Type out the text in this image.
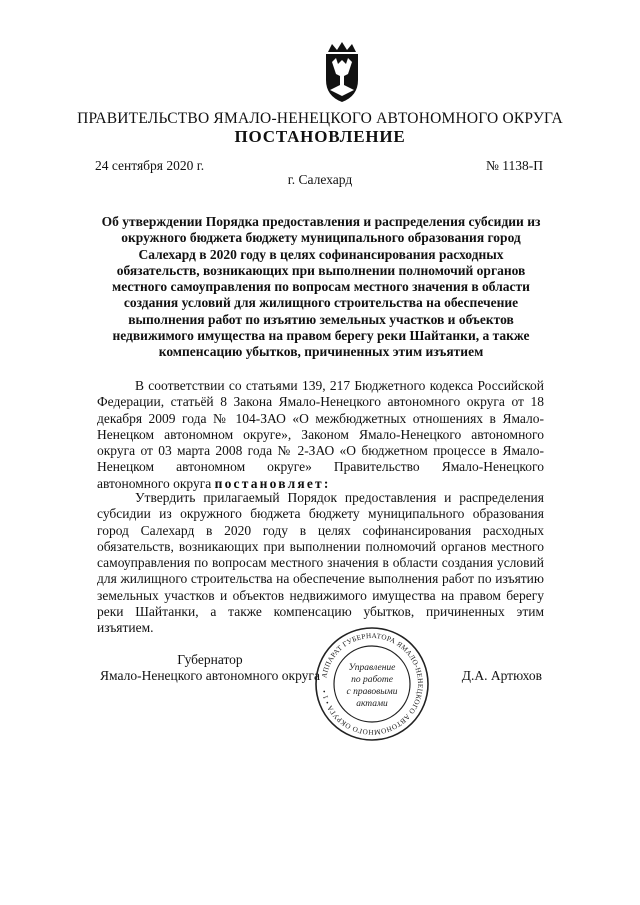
ПРАВИТЕЛЬСТВО ЯМАЛО-НЕНЕЦКОГО АВТОНОМНОГО ОКРУГА
ПОСТАНОВЛЕНИЕ
24 сентября 2020 г.	№ 1138-П
г. Салехард
Об утверждении Порядка предоставления и распределения субсидии из окружного бюджета бюджету муниципального образования город Салехард в 2020 году в целях софинансирования расходных обязательств, возникающих при выполнении полномочий органов местного самоуправления по вопросам местного значения в области создания условий для жилищного строительства на обеспечение выполнения работ по изъятию земельных участков и объектов недвижимого имущества на правом берегу реки Шайтанки, а также компенсацию убытков, причиненных этим изъятием
В соответствии со статьями 139, 217 Бюджетного кодекса Российской Федерации, статьёй 8 Закона Ямало-Ненецкого автономного округа от 18 декабря 2009 года № 104-ЗАО «О межбюджетных отношениях в Ямало-Ненецком автономном округе», Законом Ямало-Ненецкого автономного округа от 03 марта 2008 года № 2-ЗАО «О бюджетном процессе в Ямало-Ненецком автономном округе» Правительство Ямало-Ненецкого автономного округа постановляет:
Утвердить прилагаемый Порядок предоставления и распределения субсидии из окружного бюджета бюджету муниципального образования город Салехард в 2020 году в целях софинансирования расходных обязательств, возникающих при выполнении полномочий органов местного самоуправления по вопросам местного значения в области создания условий для жилищного строительства на обеспечение выполнения работ по изъятию земельных участков и объектов недвижимого имущества на правом берегу реки Шайтанки, а также компенсацию убытков, причиненных этим изъятием.
Губернатор
Ямало-Ненецкого автономного округа	Д.А. Артюхов
АППАРАТ ГУБЕРНАТОРА ЯМАЛО-НЕНЕЦКОГО АВТОНОМНОГО ОКРУГА • 1 •
Управление
по работе
с правовыми
актами
